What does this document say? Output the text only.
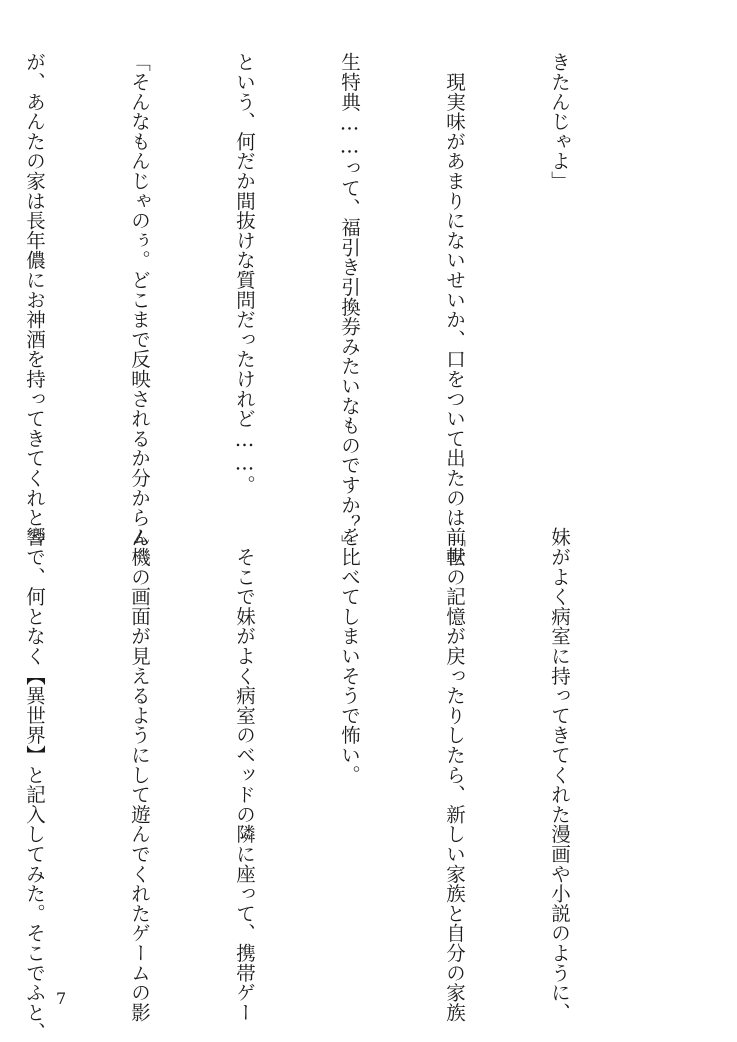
きたんじゃよ」

　現実味があまりにないせいか、口をついて出たのは「転

生特典……って、福引き引換券みたいなものですか？」

という、何だか間抜けな質問だったけれど……。

「そんなもんじゃのぅ。どこまで反映されるか分からん

が、あんたの家は長年儂にお神酒を持ってきてくれとっ

妹がよく病室に持ってきてくれた漫画や小説のように、

前世の記憶が戻ったりしたら、新しい家族と自分の家族

を比べてしまいそうで怖い。

　そこで妹がよく病室のベッドの隣に座って、携帯ゲー

ム機の画面が見えるようにして遊んでくれたゲームの影

響で、何となく【異世界】と記入してみた。そこでふと、

7
